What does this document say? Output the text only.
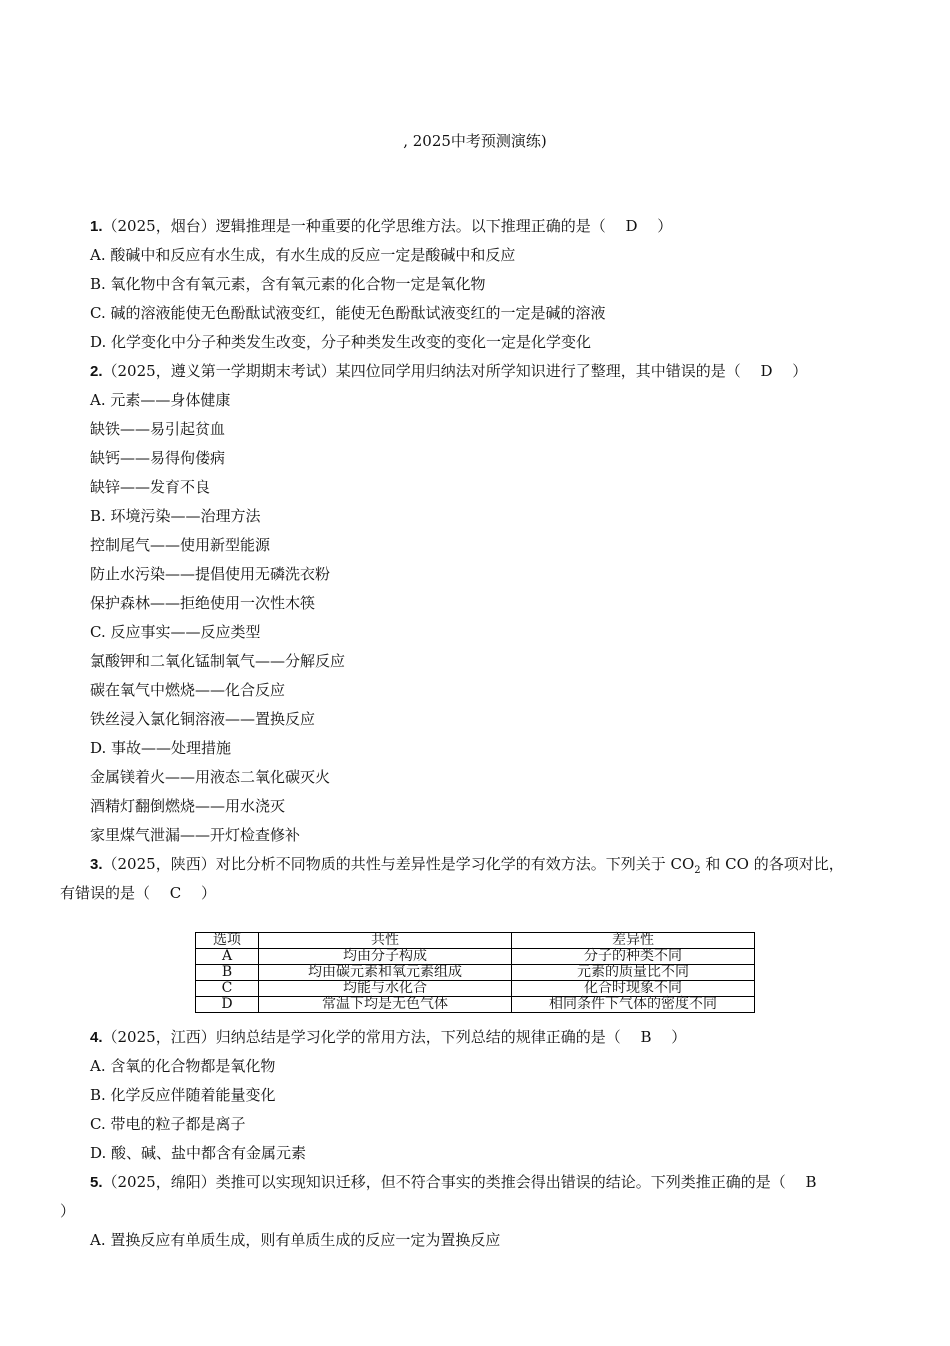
, 2025中考预测演练)
1.（2025，烟台）逻辑推理是一种重要的化学思维方法。以下推理正确的是（　 D　 ）
A. 酸碱中和反应有水生成，有水生成的反应一定是酸碱中和反应
B. 氧化物中含有氧元素，含有氧元素的化合物一定是氧化物
C. 碱的溶液能使无色酚酞试液变红，能使无色酚酞试液变红的一定是碱的溶液
D. 化学变化中分子种类发生改变，分子种类发生改变的变化一定是化学变化
2.（2025，遵义第一学期期末考试）某四位同学用归纳法对所学知识进行了整理，其中错误的是（　 D　 ）
A. 元素——身体健康
缺铁——易引起贫血
缺钙——易得佝偻病
缺锌——发育不良
B. 环境污染——治理方法
控制尾气——使用新型能源
防止水污染——提倡使用无磷洗衣粉
保护森林——拒绝使用一次性木筷
C. 反应事实——反应类型
氯酸钾和二氧化锰制氧气——分解反应
碳在氧气中燃烧——化合反应
铁丝浸入氯化铜溶液——置换反应
D. 事故——处理措施
金属镁着火——用液态二氧化碳灭火
酒精灯翻倒燃烧——用水浇灭
家里煤气泄漏——开灯检查修补
3.（2025，陕西）对比分析不同物质的共性与差异性是学习化学的有效方法。下列关于 $CO_2$ 和 CO 的各项对比，
有错误的是（　 C　 ）
选项	共性	差异性
A	均由分子构成	分子的种类不同
B	均由碳元素和氧元素组成	元素的质量比不同
C	均能与水化合	化合时现象不同
D	常温下均是无色气体	相同条件下气体的密度不同
4.（2025，江西）归纳总结是学习化学的常用方法，下列总结的规律正确的是（　 B　 ）
A. 含氧的化合物都是氧化物
B. 化学反应伴随着能量变化
C. 带电的粒子都是离子
D. 酸、碱、盐中都含有金属元素
5.（2025，绵阳）类推可以实现知识迁移，但不符合事实的类推会得出错误的结论。下列类推正确的是（　 B
）
A. 置换反应有单质生成，则有单质生成的反应一定为置换反应
